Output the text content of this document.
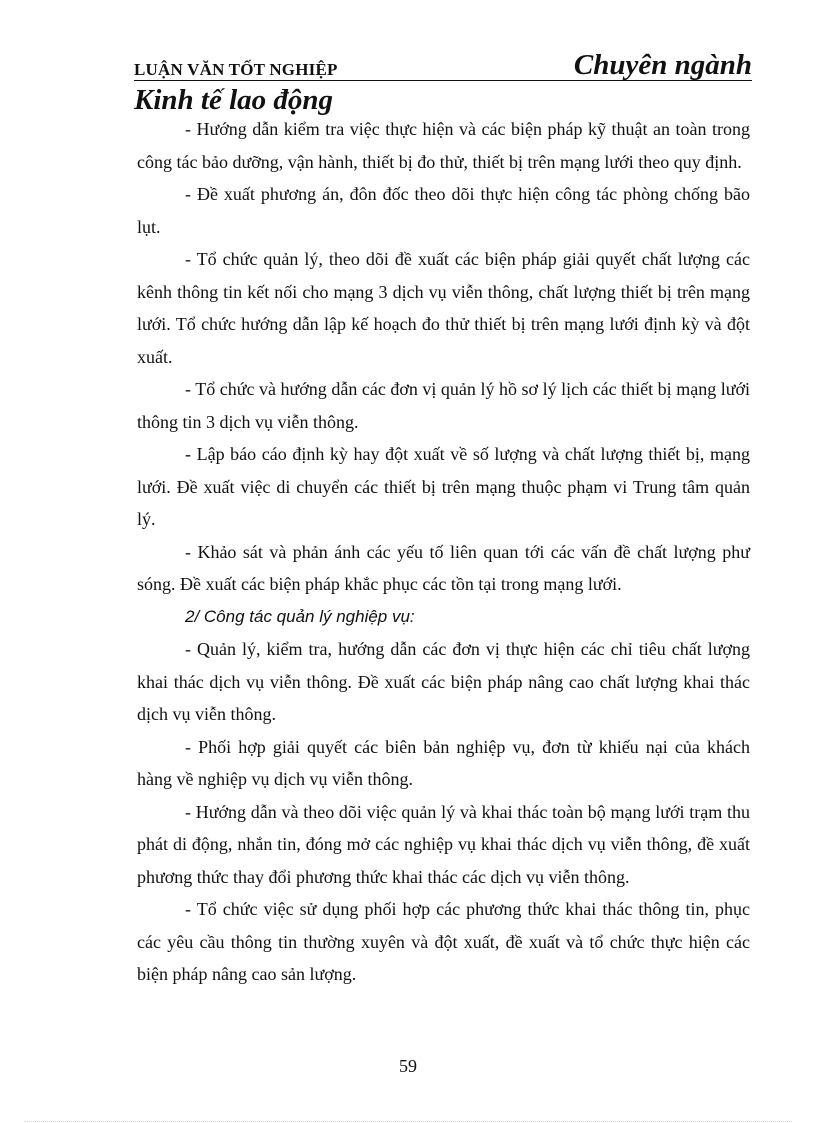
LUẬN VĂN TỐT NGHIỆP	Chuyên ngành
Kinh tế lao động

- Hướng dẫn kiểm tra việc thực hiện và các biện pháp kỹ thuật an toàn trong công tác bảo dưỡng, vận hành, thiết bị đo thử, thiết bị trên mạng lưới theo quy định.

- Đề xuất phương án, đôn đốc theo dõi thực hiện công tác phòng chống bão lụt.

- Tổ chức quản lý, theo dõi đề xuất các biện pháp giải quyết chất lượng các kênh thông tin kết nối cho mạng 3 dịch vụ viễn thông, chất lượng thiết bị trên mạng lưới. Tổ chức hướng dẫn lập kế hoạch đo thử thiết bị trên mạng lưới định kỳ và đột xuất.

- Tổ chức và hướng dẫn các đơn vị quản lý hồ sơ lý lịch các thiết bị mạng lưới thông tin 3 dịch vụ viễn thông.

- Lập báo cáo định kỳ hay đột xuất về số lượng và chất lượng thiết bị, mạng lưới. Đề xuất việc di chuyển các thiết bị trên mạng thuộc phạm vi Trung tâm quản lý.

- Khảo sát và phản ánh các yếu tố liên quan tới các vấn đề chất lượng phư sóng. Đề xuất các biện pháp khắc phục các tồn tại trong mạng lưới.

2/ Công tác quản lý nghiệp vụ:

- Quản lý, kiểm tra, hướng dẫn các đơn vị thực hiện các chỉ tiêu chất lượng khai thác dịch vụ viễn thông. Đề xuất các biện pháp nâng cao chất lượng khai thác dịch vụ viễn thông.

- Phối hợp giải quyết các biên bản nghiệp vụ, đơn từ khiếu nại của khách hàng về nghiệp vụ dịch vụ viễn thông.

- Hướng dẫn và theo dõi việc quản lý và khai thác toàn bộ mạng lưới trạm thu phát di động, nhắn tin, đóng mở các nghiệp vụ khai thác dịch vụ viễn thông, đề xuất phương thức thay đổi phương thức khai thác các dịch vụ viễn thông.

- Tổ chức việc sử dụng phối hợp các phương thức khai thác thông tin, phục các yêu cầu thông tin thường xuyên và đột xuất, đề xuất và tổ chức thực hiện các biện pháp nâng cao sản lượng.

59
